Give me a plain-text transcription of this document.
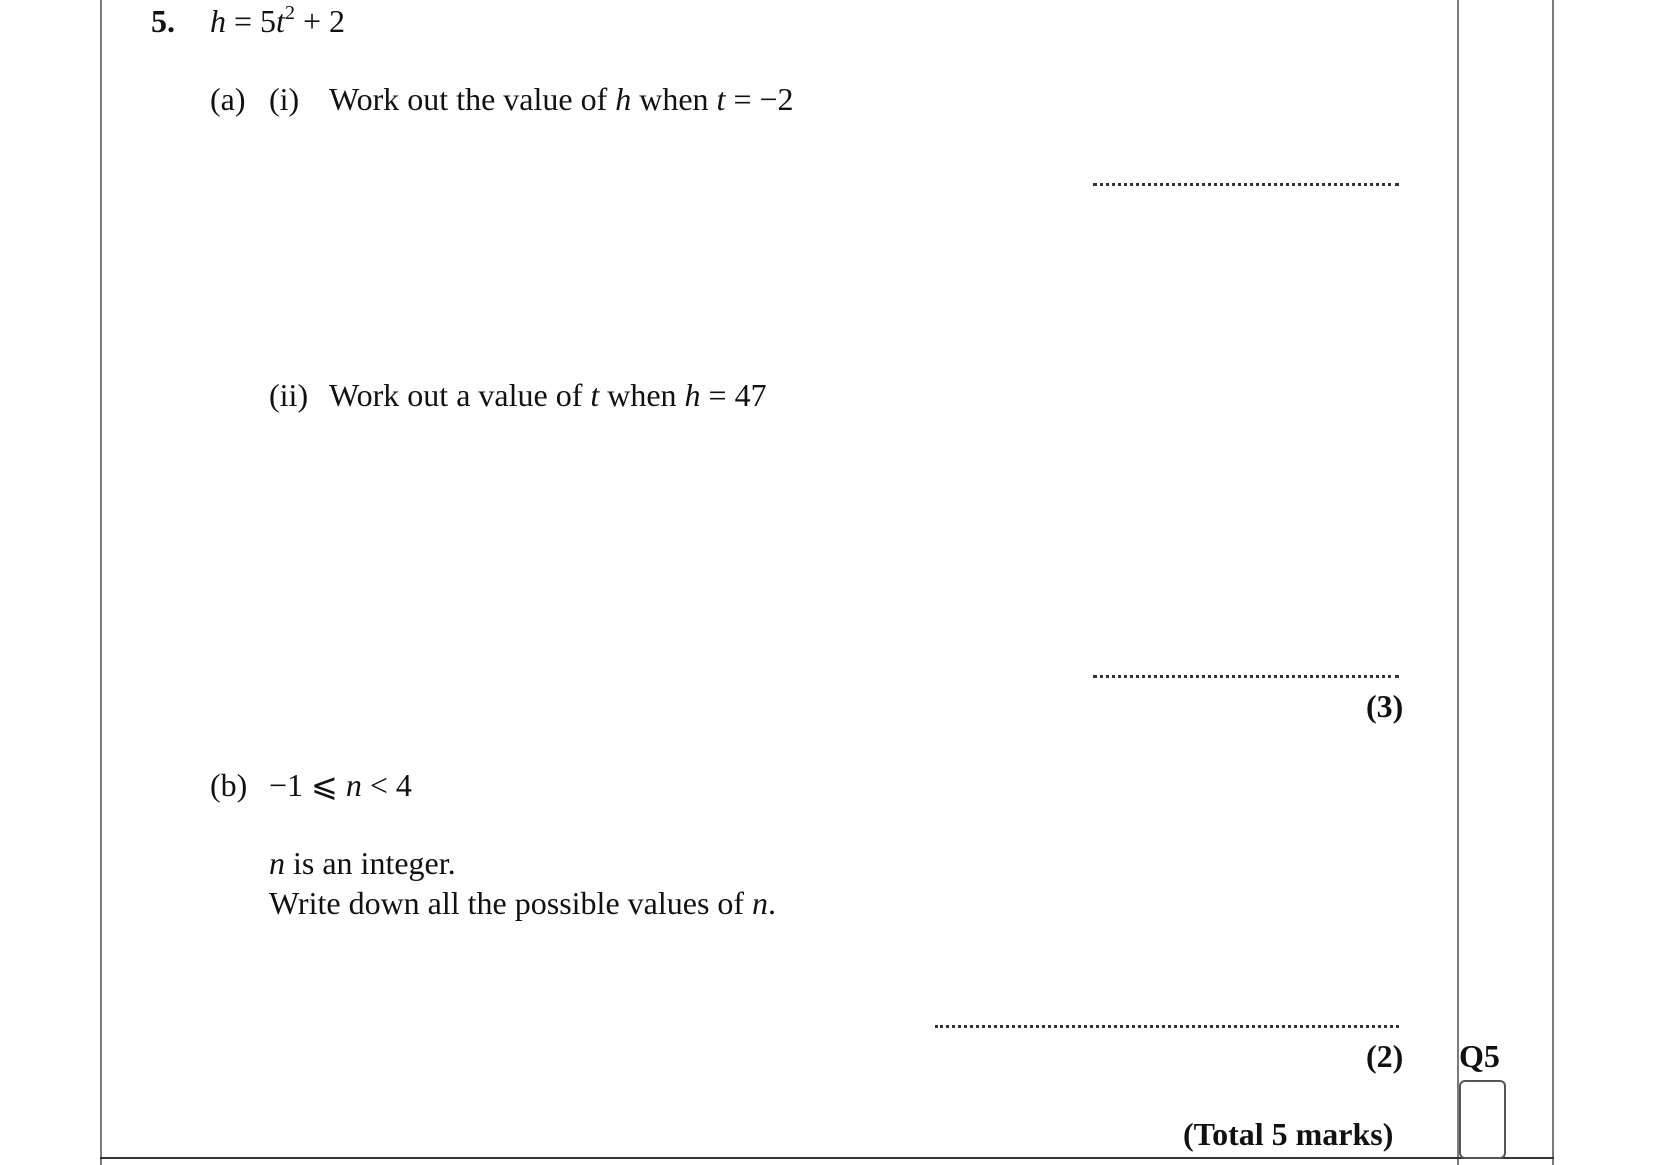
5. $h = 5t^2 + 2$
(a) (i) Work out the value of h when t = −2
(ii) Work out a value of t when h = 47
(3)
(b) −1 ⩽ n < 4
n is an integer.
Write down all the possible values of n.
(2) Q5
(Total 5 marks)
